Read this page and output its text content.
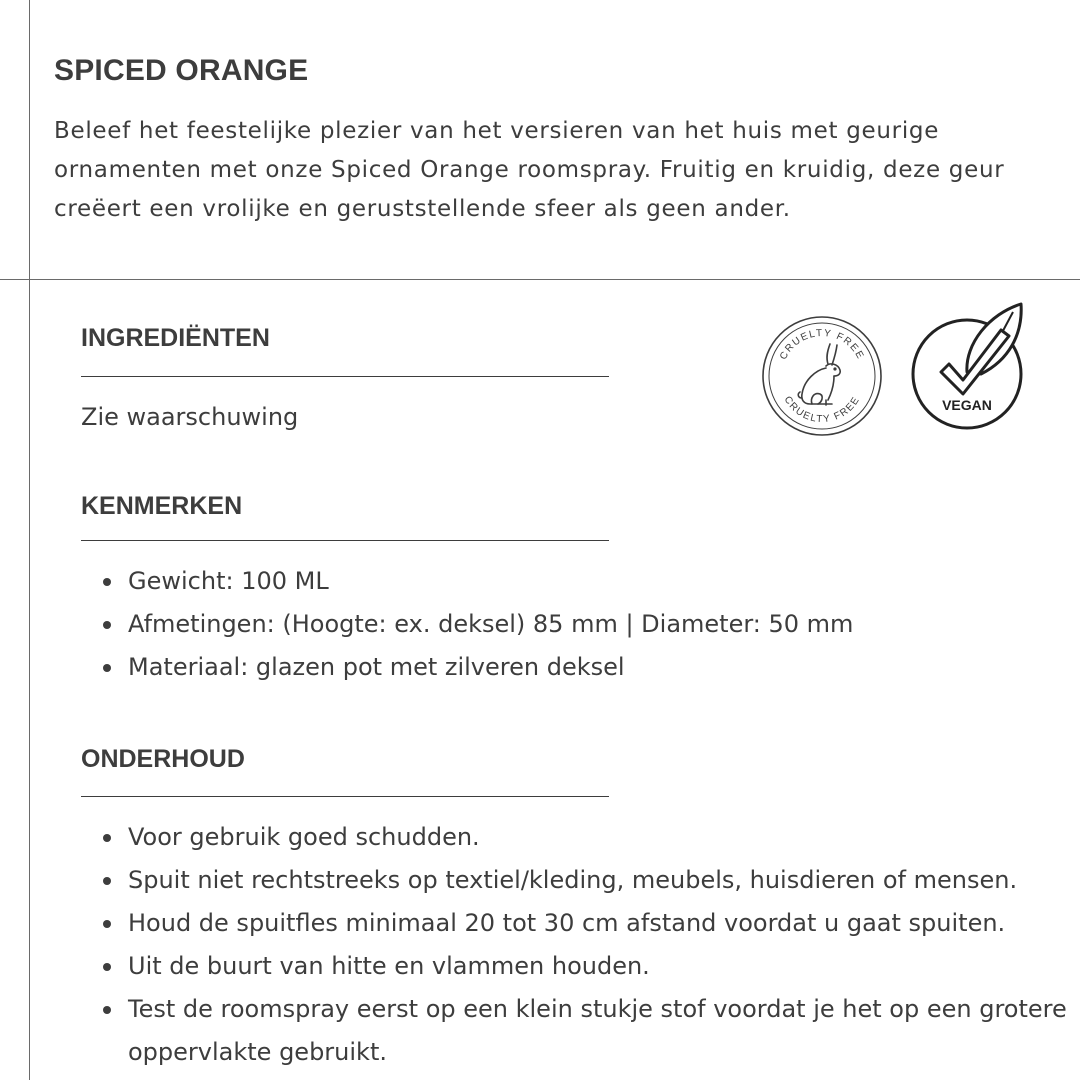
SPICED ORANGE

Beleef het feestelijke plezier van het versieren van het huis met geurige ornamenten met onze Spiced Orange roomspray. Fruitig en kruidig, deze geur creëert een vrolijke en geruststellende sfeer als geen ander.

INGREDIËNTEN

Zie waarschuwing

CRUELTY FREE
CRUELTY FREE	VEGAN
KENMERKEN
Gewicht: 100 ML
Afmetingen: (Hoogte: ex. deksel) 85 mm | Diameter: 50 mm
Materiaal: glazen pot met zilveren deksel
ONDERHOUD
Voor gebruik goed schudden.
Spuit niet rechtstreeks op textiel/kleding, meubels, huisdieren of mensen.
Houd de spuitfles minimaal 20 tot 30 cm afstand voordat u gaat spuiten.
Uit de buurt van hitte en vlammen houden.
Test de roomspray eerst op een klein stukje stof voordat je het op een grotere oppervlakte gebruikt.
